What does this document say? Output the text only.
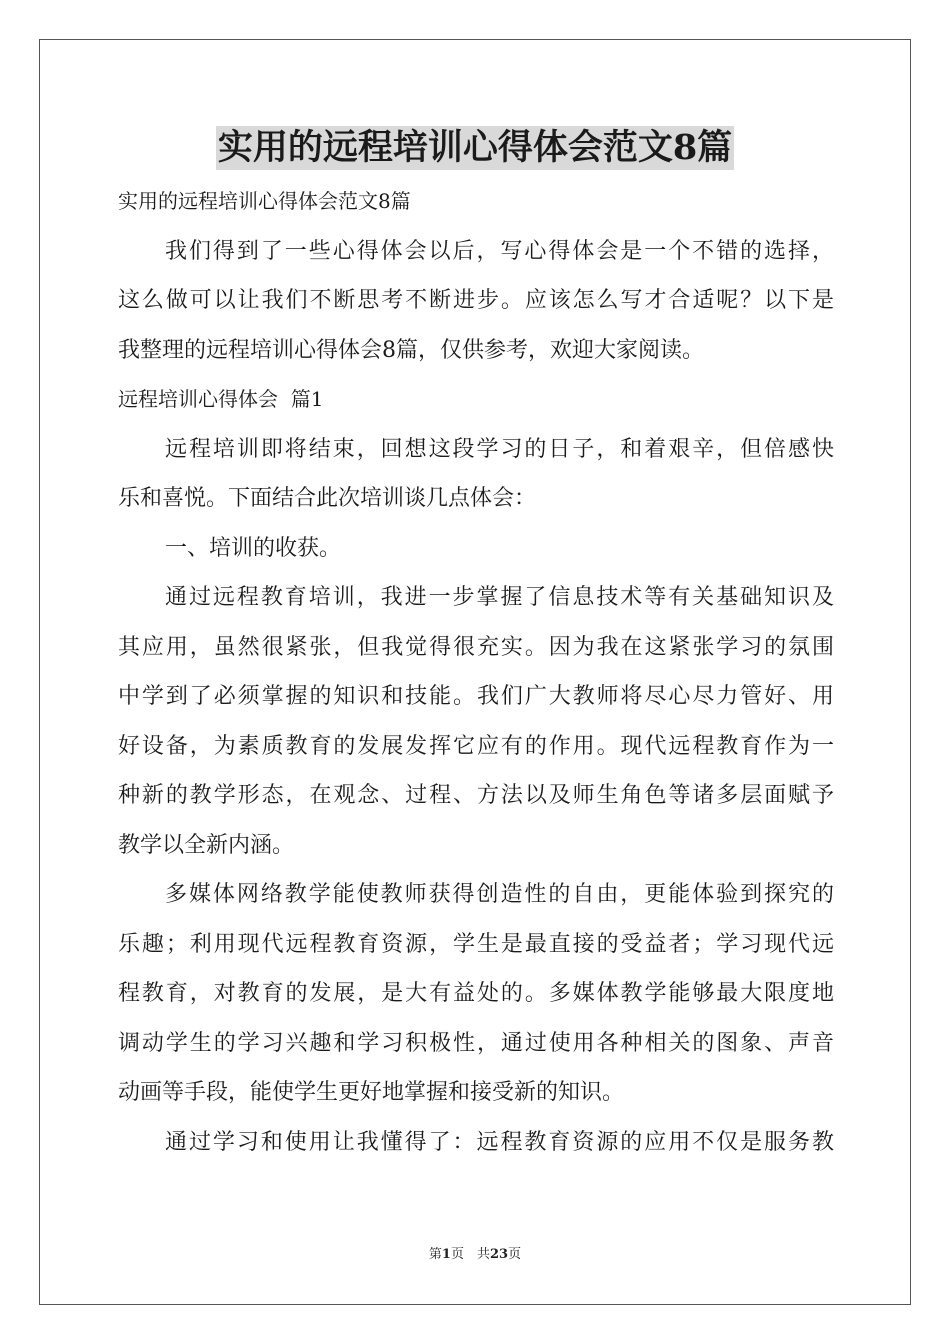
实用的远程培训心得体会范文8篇
实用的远程培训心得体会范文8篇
我们得到了一些心得体会以后，写心得体会是一个不错的选择，
这么做可以让我们不断思考不断进步。应该怎么写才合适呢？以下是
我整理的远程培训心得体会8篇，仅供参考，欢迎大家阅读。
远程培训心得体会  篇1
远程培训即将结束，回想这段学习的日子，和着艰辛，但倍感快
乐和喜悦。下面结合此次培训谈几点体会：
一、培训的收获。
通过远程教育培训，我进一步掌握了信息技术等有关基础知识及
其应用，虽然很紧张，但我觉得很充实。因为我在这紧张学习的氛围
中学到了必须掌握的知识和技能。我们广大教师将尽心尽力管好、用
好设备，为素质教育的发展发挥它应有的作用。现代远程教育作为一
种新的教学形态，在观念、过程、方法以及师生角色等诸多层面赋予
教学以全新内涵。
多媒体网络教学能使教师获得创造性的自由，更能体验到探究的
乐趣；利用现代远程教育资源，学生是最直接的受益者；学习现代远
程教育，对教育的发展，是大有益处的。多媒体教学能够最大限度地
调动学生的学习兴趣和学习积极性，通过使用各种相关的图象、声音
动画等手段，能使学生更好地掌握和接受新的知识。
通过学习和使用让我懂得了：远程教育资源的应用不仅是服务教
第1页　共23页
